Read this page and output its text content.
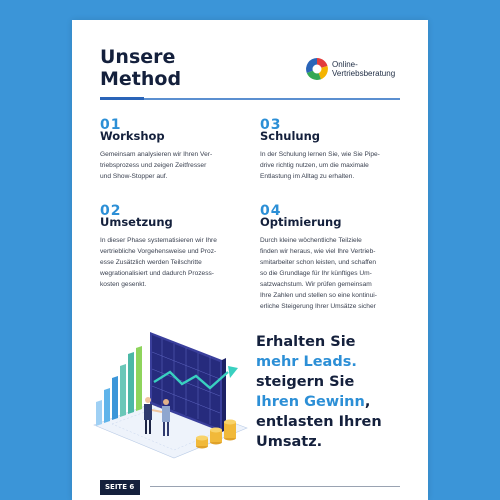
Unsere
Method
Online-
Vertriebsberatung
01
Workshop
Gemeinsam analysieren wir Ihren Ver-
triebsprozess und zeigen Zeitfresser
und Show-Stopper auf.
03
Schulung
In der Schulung lernen Sie, wie Sie Pipe-
drive richtig nutzen, um die maximale
Entlastung im Alltag zu erhalten.
02
Umsetzung
In dieser Phase systematisieren wir Ihre
vertriebliche Vorgehensweise und Proz-
esse Zusätzlich werden Teilschritte
wegrationalisiert und dadurch Prozess-
kosten gesenkt.
04
Optimierung
Durch kleine wöchentliche Teilziele
finden wir heraus, wie viel Ihre Vertrieb-
smitarbeiter schon leisten, und schaffen
so die Grundlage für Ihr künftiges Um-
satzwachstum. Wir prüfen gemeinsam
Ihre Zahlen und stellen so eine kontinui-
erliche Steigerung Ihrer Umsätze sicher
Erhalten Sie
mehr Leads.
steigern Sie
Ihren Gewinn,
entlasten Ihren
Umsatz.
SEITE 6
